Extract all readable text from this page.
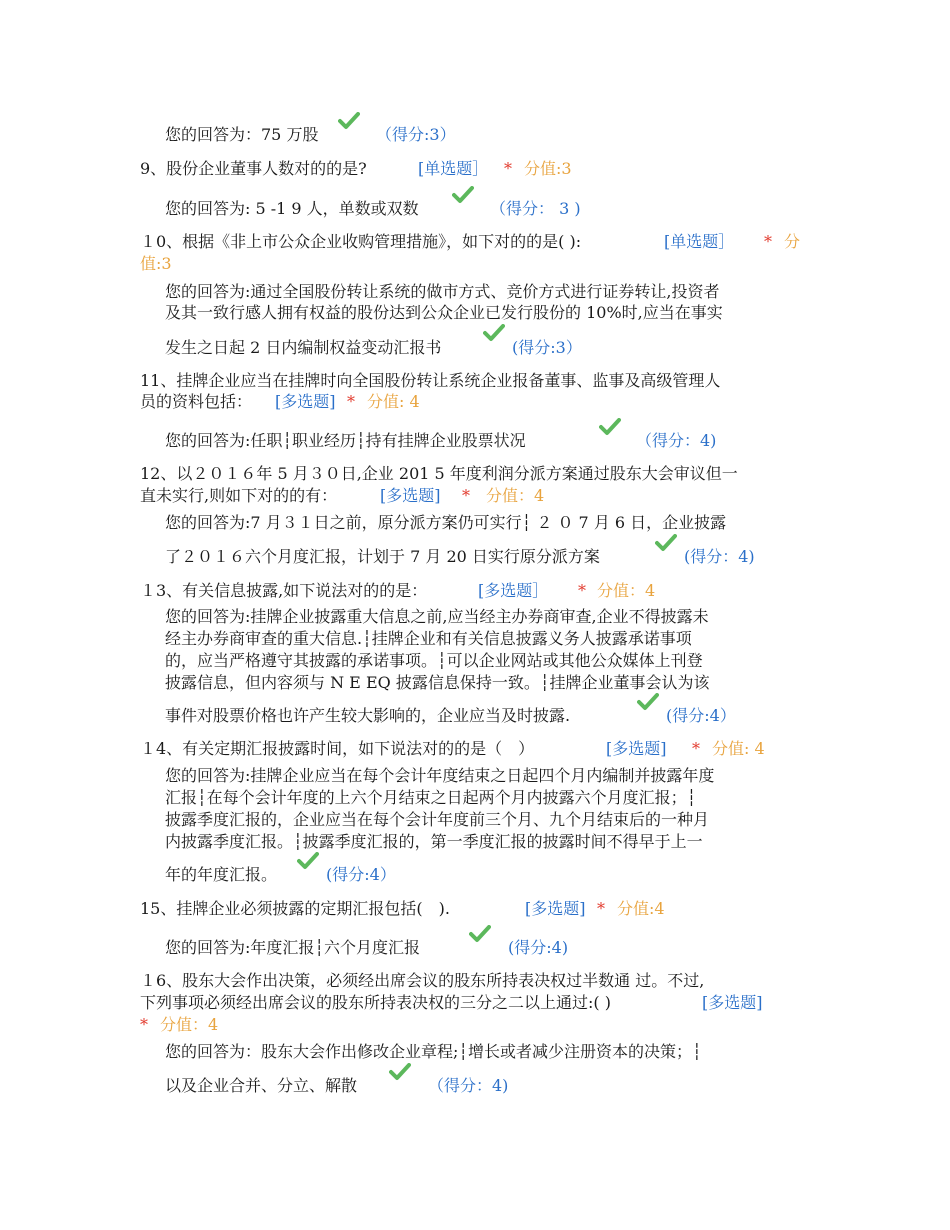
您的回答为：75 万股	（得分:3）
9、股份企业董事人数对的的是?	[单选题］ * 分值:3
您的回答为: 5 -1 9 人，单数或双数	（得分： 3 )
１0、根据《非上市公众企业收购管理措施》，如下对的的是( ):	[单选题］ * 分
值:3
您的回答为:通过全国股份转让系统的做市方式、竞价方式进行证券转让,投资者
及其一致行感人拥有权益的股份达到公众企业已发行股份的 10%时,应当在事实
发生之日起 2 日内编制权益变动汇报书	(得分:3）
11、挂牌企业应当在挂牌时向全国股份转让系统企业报备董事、监事及高级管理人
员的资料包括： [多选题] * 分值: 4
您的回答为:任职┆职业经历┆持有挂牌企业股票状况	（得分：4)
12、以２０１６年 5 月３０日,企业 201 5 年度利润分派方案通过股东大会审议但一
直未实行,则如下对的的有：	[多选题] * 分值：4
您的回答为:7 月３１日之前，原分派方案仍可实行┆ ２ ０ 7 月 6 日，企业披露
了２０１６六个月度汇报，计划于 7 月 20 日实行原分派方案	(得分：4)
１3、有关信息披露,如下说法对的的是：	[多选题］ * 分值：4
您的回答为:挂牌企业披露重大信息之前,应当经主办券商审查,企业不得披露未
经主办券商审查的重大信息.┆挂牌企业和有关信息披露义务人披露承诺事项
的，应当严格遵守其披露的承诺事项。┆可以企业网站或其他公众媒体上刊登
披露信息，但内容须与 N E EQ 披露信息保持一致。┆挂牌企业董事会认为该
事件对股票价格也许产生较大影响的，企业应当及时披露.	(得分:4）
１4、有关定期汇报披露时间，如下说法对的的是（　）	[多选题] * 分值: 4
您的回答为:挂牌企业应当在每个会计年度结束之日起四个月内编制并披露年度
汇报┆在每个会计年度的上六个月结束之日起两个月内披露六个月度汇报；┆
披露季度汇报的，企业应当在每个会计年度前三个月、九个月结束后的一种月
内披露季度汇报。┆披露季度汇报的，第一季度汇报的披露时间不得早于上一
年的年度汇报。	(得分:4）
15、挂牌企业必须披露的定期汇报包括(　).	[多选题] * 分值:4
您的回答为:年度汇报┆六个月度汇报	(得分:4)
１6、股东大会作出决策，必须经出席会议的股东所持表决权过半数通 过。不过,
下列事项必须经出席会议的股东所持表决权的三分之二以上通过:( )	[多选题]
* 分值：4
您的回答为：股东大会作出修改企业章程;┆增长或者减少注册资本的决策；┆
以及企业合并、分立、解散	（得分：4)
